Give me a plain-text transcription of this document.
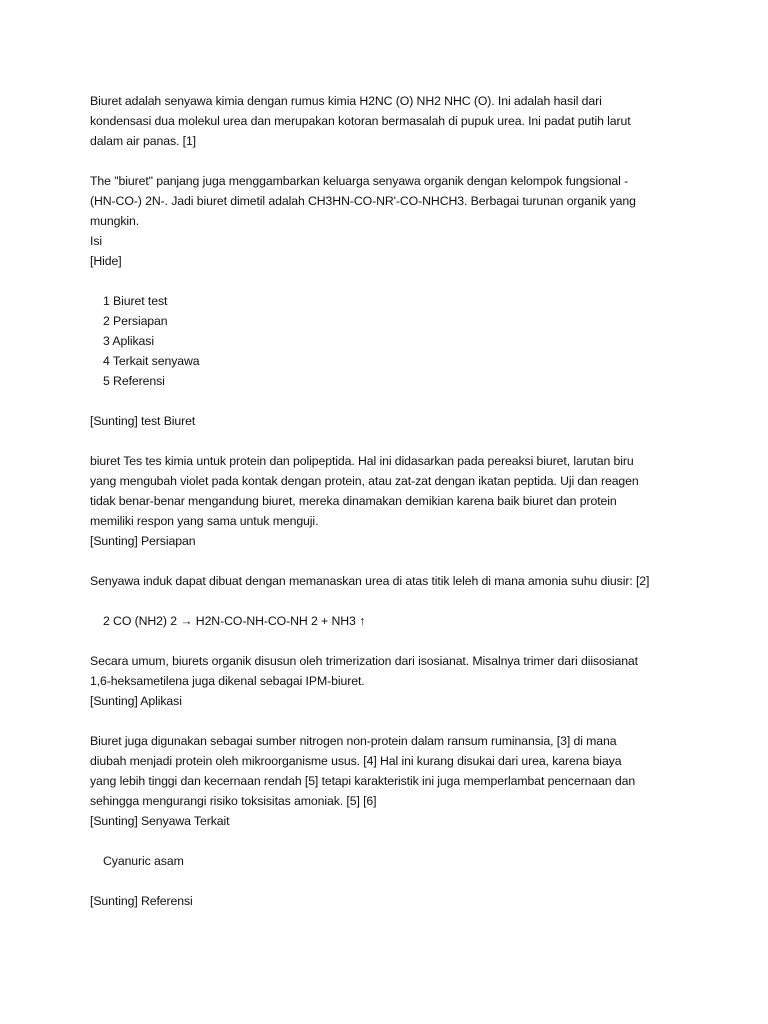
Biuret adalah senyawa kimia dengan rumus kimia H2NC (O) NH2 NHC (O). Ini adalah hasil dari
kondensasi dua molekul urea dan merupakan kotoran bermasalah di pupuk urea. Ini padat putih larut
dalam air panas. [1]
The "biuret" panjang juga menggambarkan keluarga senyawa organik dengan kelompok fungsional -
(HN-CO-) 2N-. Jadi biuret dimetil adalah CH3HN-CO-NR'-CO-NHCH3. Berbagai turunan organik yang
mungkin.
Isi
[Hide]
1 Biuret test
2 Persiapan
3 Aplikasi
4 Terkait senyawa
5 Referensi
[Sunting] test Biuret
biuret Tes tes kimia untuk protein dan polipeptida. Hal ini didasarkan pada pereaksi biuret, larutan biru
yang mengubah violet pada kontak dengan protein, atau zat-zat dengan ikatan peptida. Uji dan reagen
tidak benar-benar mengandung biuret, mereka dinamakan demikian karena baik biuret dan protein
memiliki respon yang sama untuk menguji.
[Sunting] Persiapan
Senyawa induk dapat dibuat dengan memanaskan urea di atas titik leleh di mana amonia suhu diusir: [2]
2 CO (NH2) 2 → H2N-CO-NH-CO-NH 2 + NH3 ↑
Secara umum, biurets organik disusun oleh trimerization dari isosianat. Misalnya trimer dari diisosianat
1,6-heksametilena juga dikenal sebagai IPM-biuret.
[Sunting] Aplikasi
Biuret juga digunakan sebagai sumber nitrogen non-protein dalam ransum ruminansia, [3] di mana
diubah menjadi protein oleh mikroorganisme usus. [4] Hal ini kurang disukai dari urea, karena biaya
yang lebih tinggi dan kecernaan rendah [5] tetapi karakteristik ini juga memperlambat pencernaan dan
sehingga mengurangi risiko toksisitas amoniak. [5] [6]
[Sunting] Senyawa Terkait
Cyanuric asam
[Sunting] Referensi
